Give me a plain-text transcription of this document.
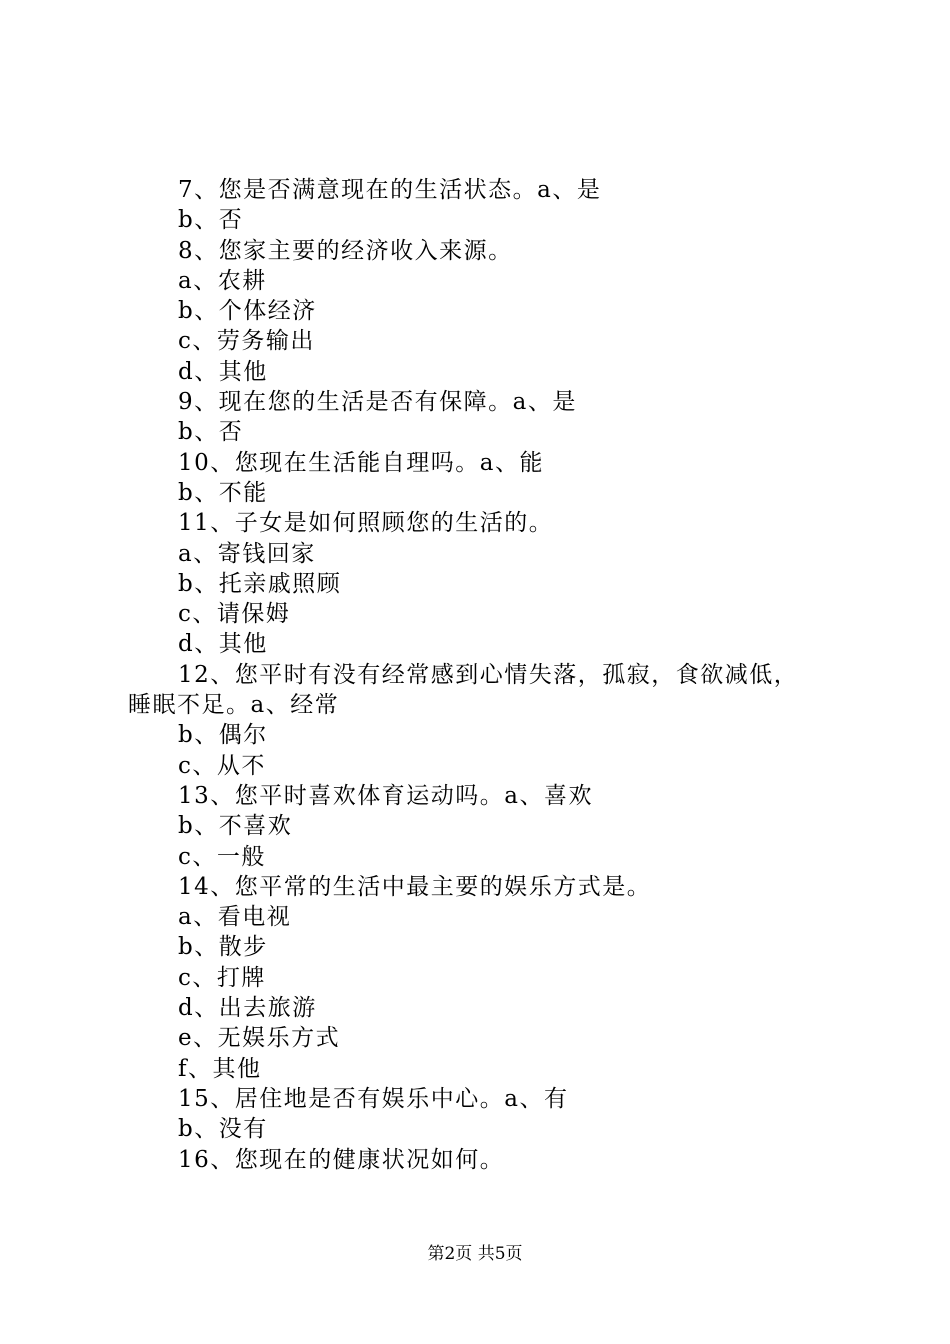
7、您是否满意现在的生活状态。a、是
b、否
8、您家主要的经济收入来源。
a、农耕
b、个体经济
c、劳务输出
d、其他
9、现在您的生活是否有保障。a、是
b、否
10、您现在生活能自理吗。a、能
b、不能
11、子女是如何照顾您的生活的。
a、寄钱回家
b、托亲戚照顾
c、请保姆
d、其他
12、您平时有没有经常感到心情失落，孤寂，食欲减低，
睡眠不足。a、经常
b、偶尔
c、从不
13、您平时喜欢体育运动吗。a、喜欢
b、不喜欢
c、一般
14、您平常的生活中最主要的娱乐方式是。
a、看电视
b、散步
c、打牌
d、出去旅游
e、无娱乐方式
f、其他
15、居住地是否有娱乐中心。a、有
b、没有
16、您现在的健康状况如何。
第2页 共5页
